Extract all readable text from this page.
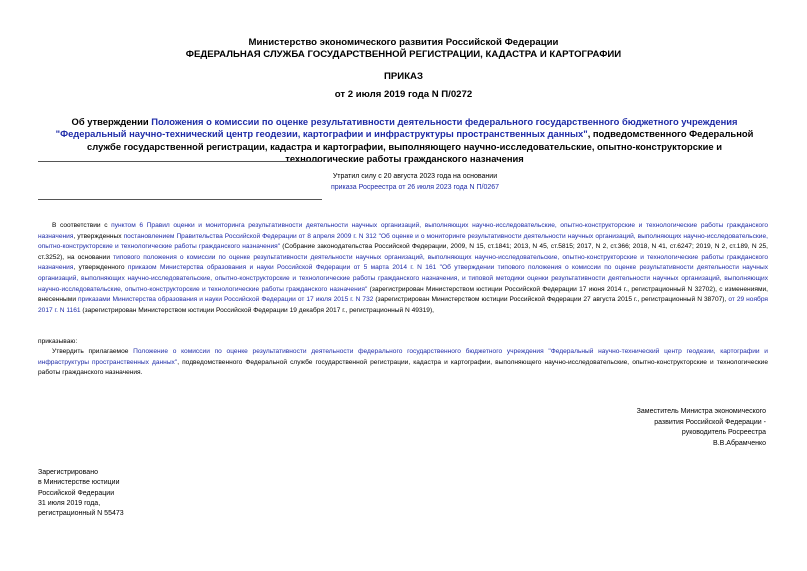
Министерство экономического развития Российской Федерации
ФЕДЕРАЛЬНАЯ СЛУЖБА ГОСУДАРСТВЕННОЙ РЕГИСТРАЦИИ, КАДАСТРА И КАРТОГРАФИИ
ПРИКАЗ
от 2 июля 2019 года N П/0272
Об утверждении Положения о комиссии по оценке результативности деятельности федерального государственного бюджетного учреждения "Федеральный научно-технический центр геодезии, картографии и инфраструктуры пространственных данных", подведомственного Федеральной службе государственной регистрации, кадастра и картографии, выполняющего научно-исследовательские, опытно-конструкторские и технологические работы гражданского назначения
Утратил силу с 20 августа 2023 года на основании
приказа Росреестра от 26 июля 2023 года N П/0267
В соответствии с пунктом 6 Правил оценки и мониторинга результативности деятельности научных организаций, выполняющих научно-исследовательские, опытно-конструкторские и технологические работы гражданского назначения, утвержденных постановлением Правительства Российской Федерации от 8 апреля 2009 г. N 312 "Об оценке и о мониторинге результативности деятельности научных организаций, выполняющих научно-исследовательские, опытно-конструкторские и технологические работы гражданского назначения" (Собрание законодательства Российской Федерации, 2009, N 15, ст.1841; 2013, N 45, ст.5815; 2017, N 2, ст.366; 2018, N 41, ст.6247; 2019, N 2, ст.189, N 25, ст.3252), на основании типового положения о комиссии по оценке результативности деятельности научных организаций, выполняющих научно-исследовательские, опытно-конструкторские и технологические работы гражданского назначения, утвержденного приказом Министерства образования и науки Российской Федерации от 5 марта 2014 г. N 161 "Об утверждении типового положения о комиссии по оценке результативности деятельности научных организаций, выполняющих научно-исследовательские, опытно-конструкторские и технологические работы гражданского назначения, и типовой методики оценки результативности деятельности научных организаций, выполняющих научно-исследовательские, опытно-конструкторские и технологические работы гражданского назначения" (зарегистрирован Министерством юстиции Российской Федерации 17 июня 2014 г., регистрационный N 32702), с изменениями, внесенными приказами Министерства образования и науки Российской Федерации от 17 июля 2015 г. N 732 (зарегистрирован Министерством юстиции Российской Федерации 27 августа 2015 г., регистрационный N 38707), от 29 ноября 2017 г. N 1161 (зарегистрирован Министерством юстиции Российской Федерации 19 декабря 2017 г., регистрационный N 49319),
приказываю:
Утвердить прилагаемое Положение о комиссии по оценке результативности деятельности федерального государственного бюджетного учреждения "Федеральный научно-технический центр геодезии, картографии и инфраструктуры пространственных данных", подведомственного Федеральной службе государственной регистрации, кадастра и картографии, выполняющего научно-исследовательские, опытно-конструкторские и технологические работы гражданского назначения.
Заместитель Министра экономического
развития Российской Федерации -
руководитель Росреестра
В.В.Абрамченко
Зарегистрировано
в Министерстве юстиции
Российской Федерации
31 июля 2019 года,
регистрационный N 55473
